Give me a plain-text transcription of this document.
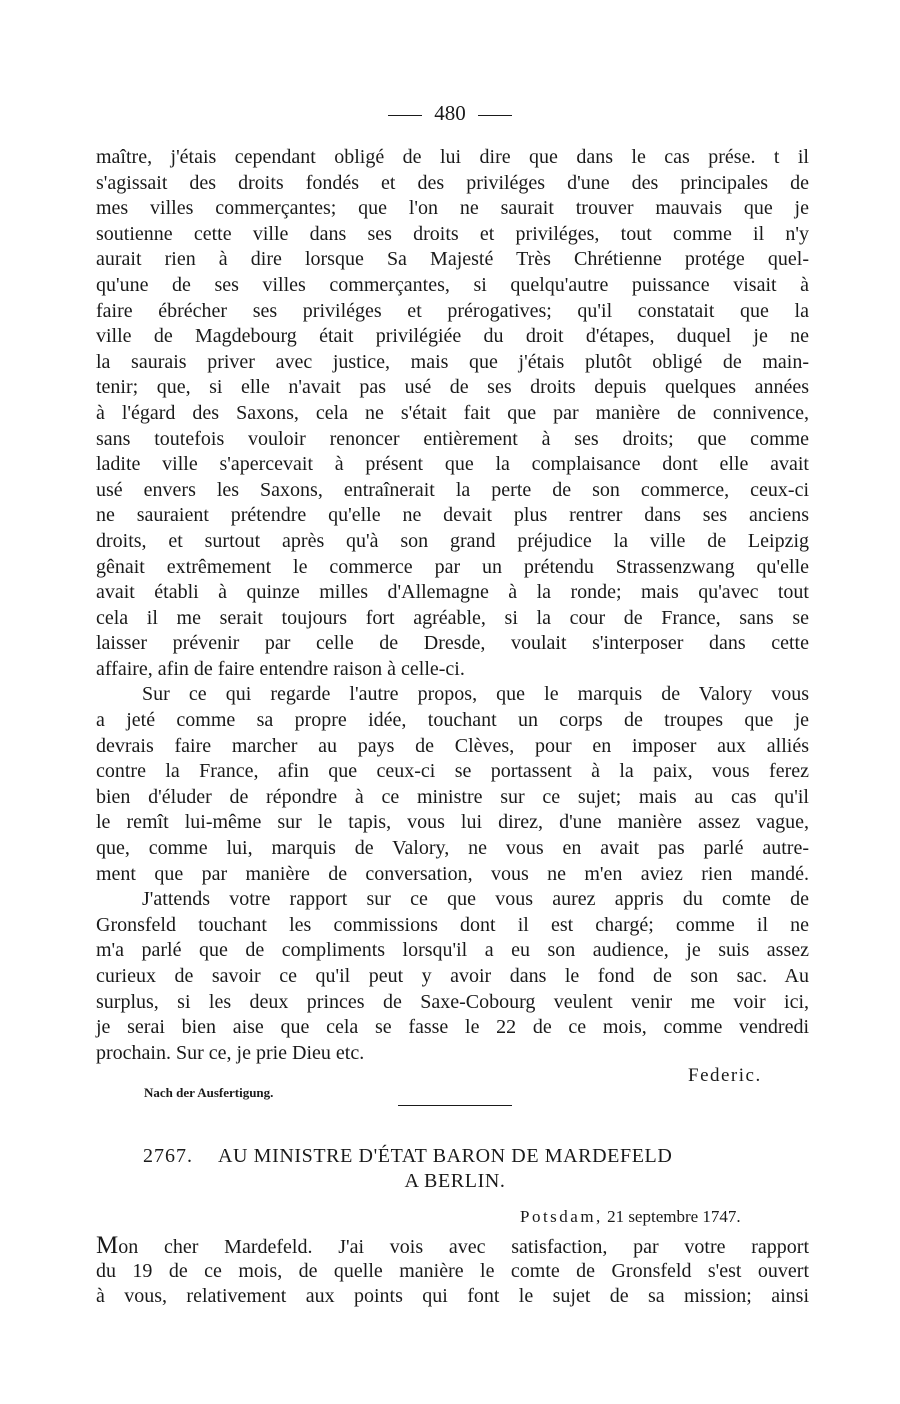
480
maître, j'étais cependant obligé de lui dire que dans le cas prése. t il
s'agissait des droits fondés et des priviléges d'une des principales de
mes villes commerçantes; que l'on ne saurait trouver mauvais que je
soutienne cette ville dans ses droits et priviléges, tout comme il n'y
aurait rien à dire lorsque Sa Majesté Très Chrétienne protége quel-
qu'une de ses villes commerçantes, si quelqu'autre puissance visait à
faire ébrécher ses priviléges et prérogatives; qu'il constatait que la
ville de Magdebourg était privilégiée du droit d'étapes, duquel je ne
la saurais priver avec justice, mais que j'étais plutôt obligé de main-
tenir; que, si elle n'avait pas usé de ses droits depuis quelques années
à l'égard des Saxons, cela ne s'était fait que par manière de connivence,
sans toutefois vouloir renoncer entièrement à ses droits; que comme
ladite ville s'apercevait à présent que la complaisance dont elle avait
usé envers les Saxons, entraînerait la perte de son commerce, ceux-ci
ne sauraient prétendre qu'elle ne devait plus rentrer dans ses anciens
droits, et surtout après qu'à son grand préjudice la ville de Leipzig
gênait extrêmement le commerce par un prétendu Strassenzwang qu'elle
avait établi à quinze milles d'Allemagne à la ronde; mais qu'avec tout
cela il me serait toujours fort agréable, si la cour de France, sans se
laisser prévenir par celle de Dresde, voulait s'interposer dans cette
affaire, afin de faire entendre raison à celle-ci.
Sur ce qui regarde l'autre propos, que le marquis de Valory vous
a jeté comme sa propre idée, touchant un corps de troupes que je
devrais faire marcher au pays de Clèves, pour en imposer aux alliés
contre la France, afin que ceux-ci se portassent à la paix, vous ferez
bien d'éluder de répondre à ce ministre sur ce sujet; mais au cas qu'il
le remît lui-même sur le tapis, vous lui direz, d'une manière assez vague,
que, comme lui, marquis de Valory, ne vous en avait pas parlé autre-
ment que par manière de conversation, vous ne m'en aviez rien mandé.
J'attends votre rapport sur ce que vous aurez appris du comte de
Gronsfeld touchant les commissions dont il est chargé; comme il ne
m'a parlé que de compliments lorsqu'il a eu son audience, je suis assez
curieux de savoir ce qu'il peut y avoir dans le fond de son sac. Au
surplus, si les deux princes de Saxe-Cobourg veulent venir me voir ici,
je serai bien aise que cela se fasse le 22 de ce mois, comme vendredi
prochain. Sur ce, je prie Dieu etc.
Federic.
Nach der Ausfertigung.
2767. AU MINISTRE D'ÉTAT BARON DE MARDEFELD
A BERLIN.
Potsdam, 21 septembre 1747.
Mon cher Mardefeld. J'ai vois avec satisfaction, par votre rapport
du 19 de ce mois, de quelle manière le comte de Gronsfeld s'est ouvert
à vous, relativement aux points qui font le sujet de sa mission; ainsi
